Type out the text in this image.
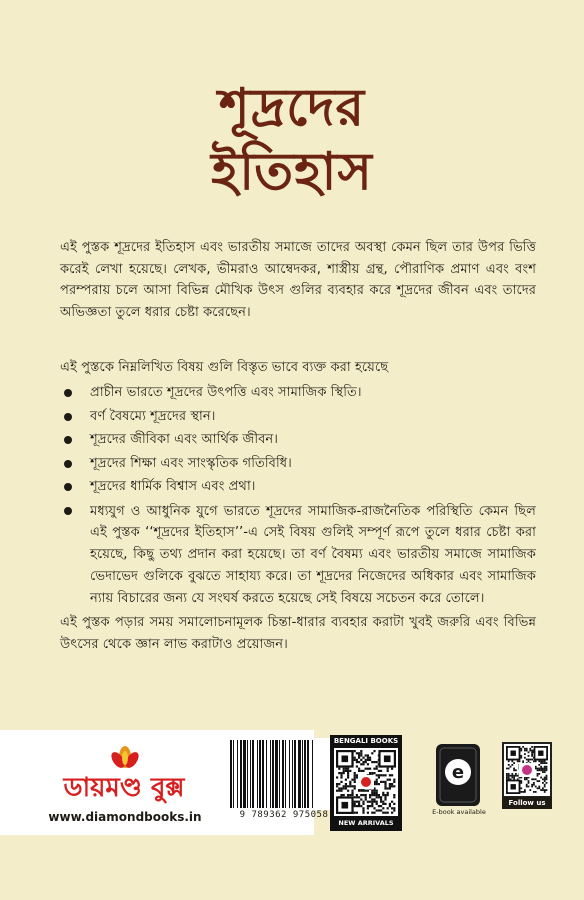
শূদ্রদের
ইতিহাস
এই পুস্তক শূদ্রদের ইতিহাস এবং ভারতীয় সমাজে তাদের অবস্থা কেমন ছিল তার উপর ভিত্তি করেই লেখা হয়েছে। লেখক, ভীমরাও আম্বেদকর, শাস্ত্রীয় গ্রন্থ, পৌরাণিক প্রমাণ এবং বংশ পরম্পরায় চলে আসা বিভিন্ন মৌখিক উৎস গুলির ব্যবহার করে শূদ্রদের জীবন এবং তাদের অভিজ্ঞতা তুলে ধরার চেষ্টা করেছেন।
এই পুস্তকে নিম্নলিখিত বিষয় গুলি বিস্তৃত ভাবে ব্যক্ত করা হয়েছে
প্রাচীন ভারতে শূদ্রদের উৎপত্তি এবং সামাজিক স্থিতি।
বর্ণ বৈষম্যে শূদ্রদের স্থান।
শূদ্রদের জীবিকা এবং আর্থিক জীবন।
শূদ্রদের শিক্ষা এবং সাংস্কৃতিক গতিবিধি।
শূদ্রদের ধার্মিক বিশ্বাস এবং প্রথা।
মধ্যযুগ ও আধুনিক যুগে ভারতে শূদ্রদের সামাজিক-রাজনৈতিক পরিস্থিতি কেমন ছিল এই পুস্তক ‘‘শূদ্রদের ইতিহাস’’-এ সেই বিষয় গুলিই সম্পূর্ণ রূপে তুলে ধরার চেষ্টা করা হয়েছে, কিছু তথ্য প্রদান করা হয়েছে। তা বর্ণ বৈষম্য এবং ভারতীয় সমাজে সামাজিক ভেদাভেদ গুলিকে বুঝতে সাহায্য করে। তা শূদ্রদের নিজেদের অধিকার এবং সামাজিক ন্যায় বিচারের জন্য যে সংঘর্ষ করতে হয়েছে সেই বিষয়ে সচেতন করে তোলে।
এই পুস্তক পড়ার সময় সমালোচনামূলক চিন্তা-ধারার ব্যবহার করাটা খুবই জরুরি এবং বিভিন্ন উৎসের থেকে জ্ঞান লাভ করাটাও প্রয়োজন।
ডায়মণ্ড বুক্স
www.diamondbooks.in	9 789362 975058
BENGALI BOOKS
NEW ARRIVALS
e
E-book available
Follow us
